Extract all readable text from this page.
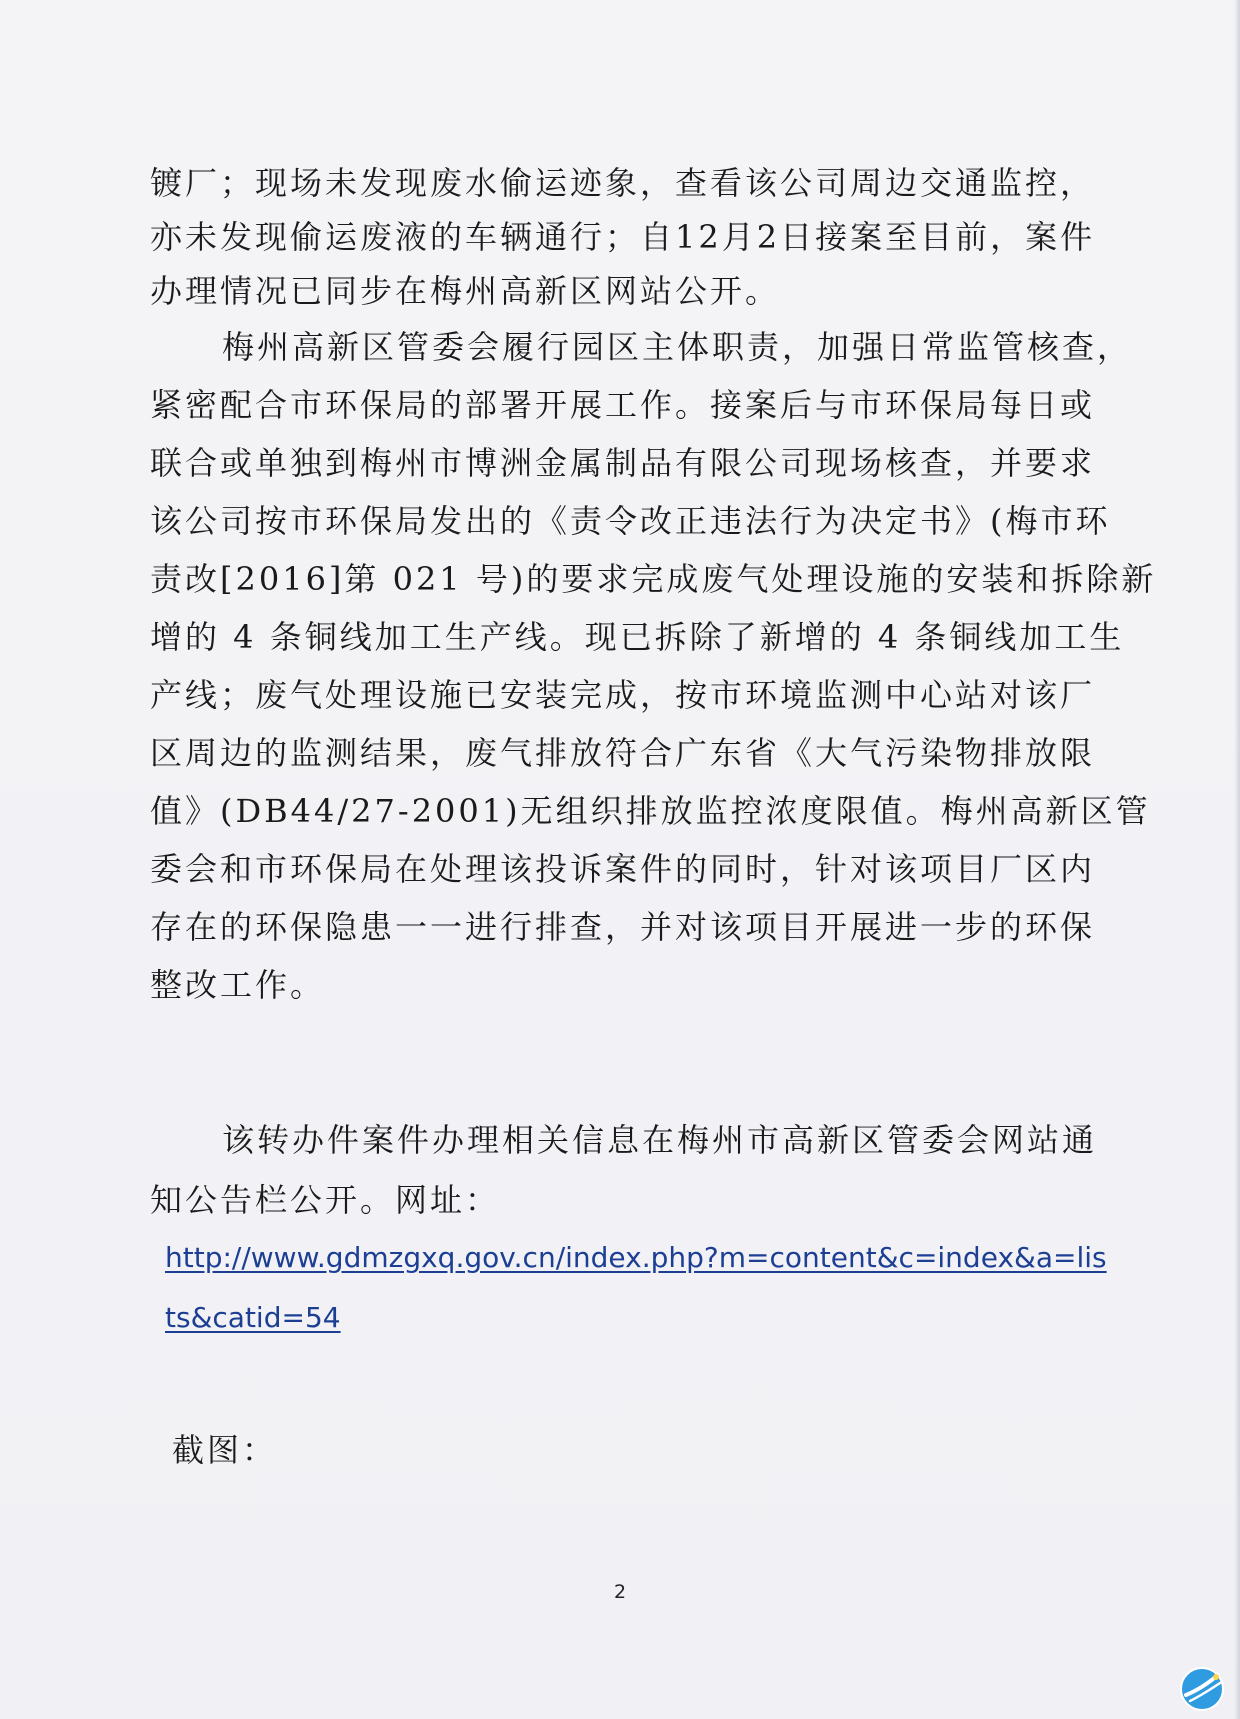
镀厂；现场未发现废水偷运迹象，查看该公司周边交通监控，
亦未发现偷运废液的车辆通行；自12月2日接案至目前，案件
办理情况已同步在梅州高新区网站公开。
梅州高新区管委会履行园区主体职责，加强日常监管核查，
紧密配合市环保局的部署开展工作。接案后与市环保局每日或
联合或单独到梅州市博洲金属制品有限公司现场核查，并要求
该公司按市环保局发出的《责令改正违法行为决定书》(梅市环
责改[2016]第 021 号)的要求完成废气处理设施的安装和拆除新
增的 4 条铜线加工生产线。现已拆除了新增的 4 条铜线加工生
产线；废气处理设施已安装完成，按市环境监测中心站对该厂
区周边的监测结果，废气排放符合广东省《大气污染物排放限
值》(DB44/27-2001)无组织排放监控浓度限值。梅州高新区管
委会和市环保局在处理该投诉案件的同时，针对该项目厂区内
存在的环保隐患一一进行排查，并对该项目开展进一步的环保
整改工作。
该转办件案件办理相关信息在梅州市高新区管委会网站通
知公告栏公开。网址：
http://www.gdmzgxq.gov.cn/index.php?m=content&c=index&a=lis
ts&catid=54
截图：
2
